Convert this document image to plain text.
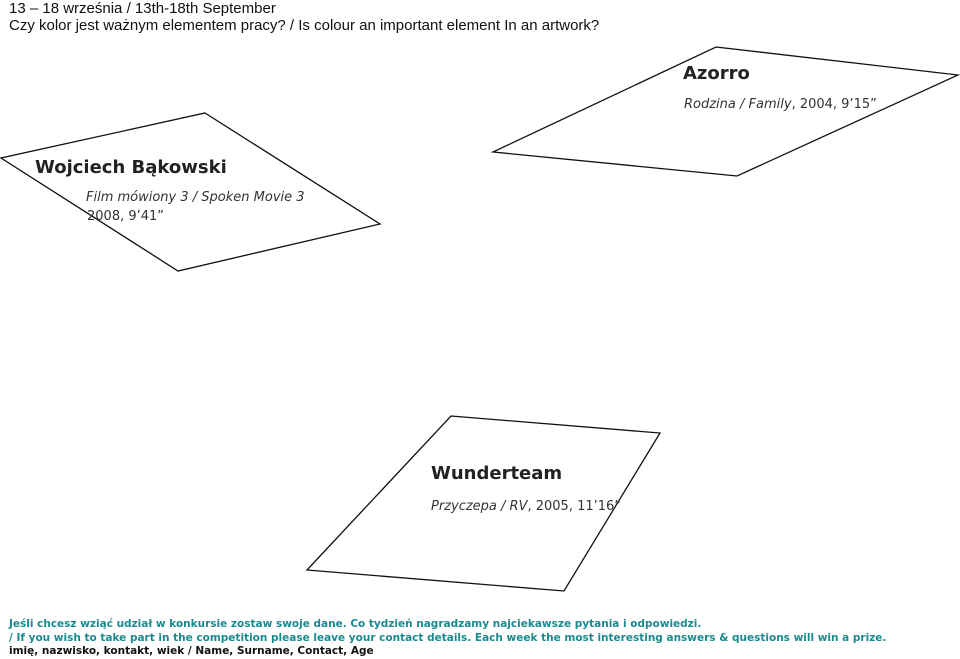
13 – 18 września / 13th-18th September
Czy kolor jest ważnym elementem pracy? / Is colour an important element In an artwork?
Azorro
Rodzina / Family, 2004, 9’15”
Wojciech Bąkowski
Film mówiony 3 / Spoken Movie 3
2008, 9’41”
Wunderteam
Przyczepa / RV, 2005, 11’16”
Jeśli chcesz wziąć udział w konkursie zostaw swoje dane. Co tydzień nagradzamy najciekawsze pytania i odpowiedzi.
/ If you wish to take part in the competition please leave your contact details. Each week the most interesting answers & questions will win a prize.
imię, nazwisko, kontakt, wiek / Name, Surname, Contact, Age
